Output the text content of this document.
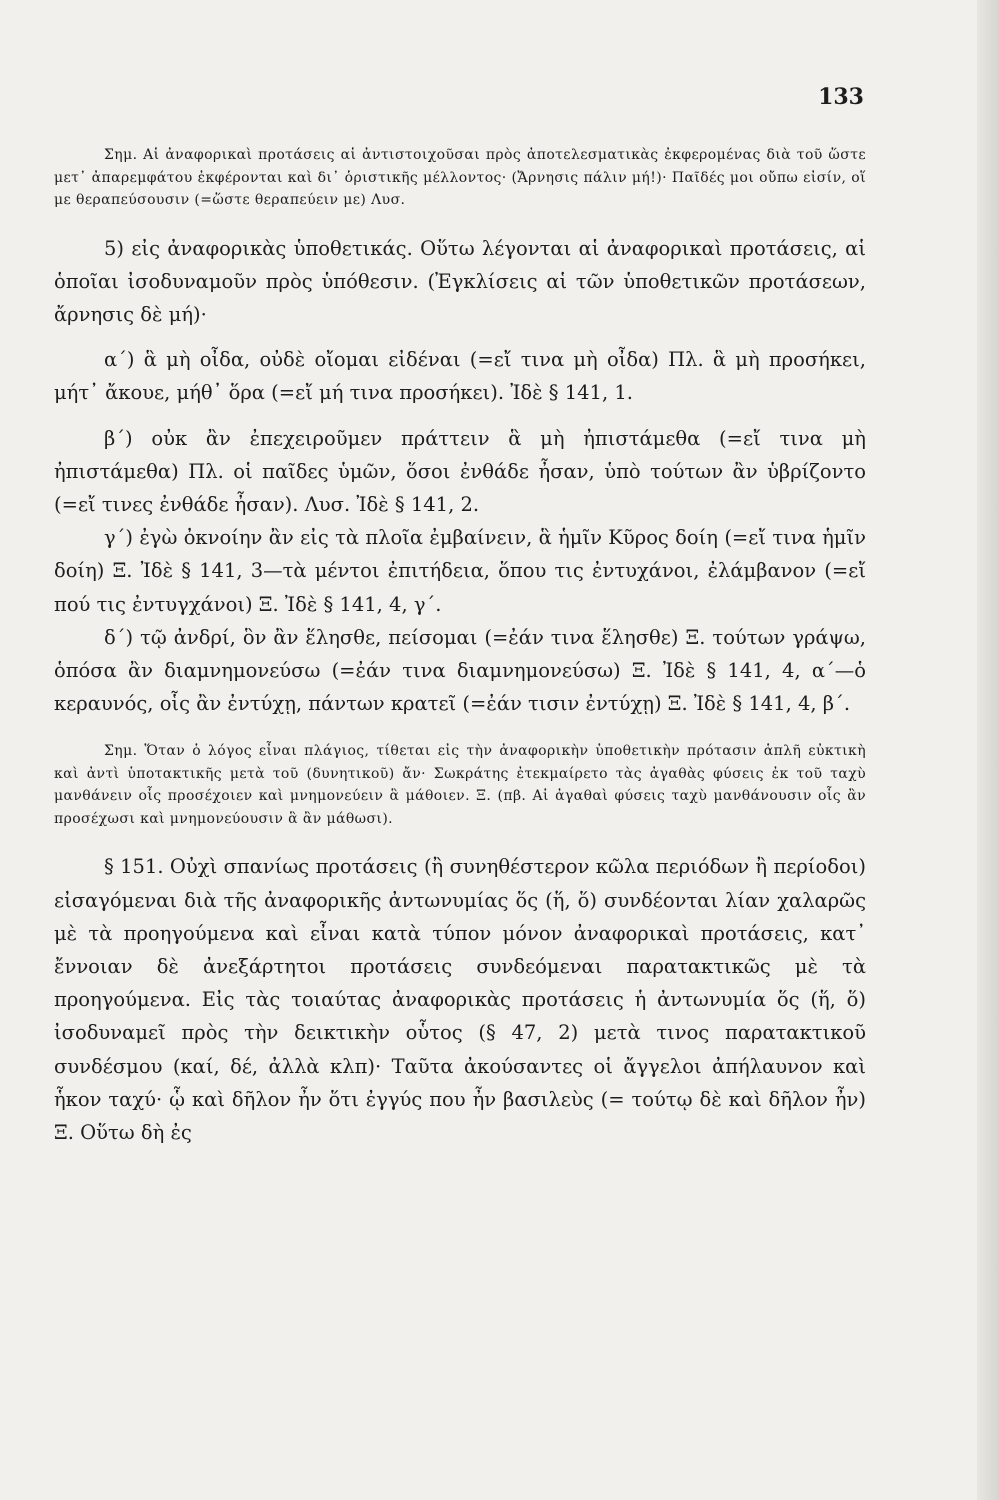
133

Σημ. Αἱ ἀναφορικαὶ προτάσεις αἱ ἀντιστοιχοῦσαι πρὸς ἀποτελεσματικὰς ἐκφερομένας διὰ τοῦ ὥστε μετ᾽ ἀπαρεμφάτου ἐκφέρονται καὶ δι᾽ ὁριστικῆς μέλλοντος· (Ἄρνησις πάλιν μή!)· Παῖδές μοι οὔπω εἰσίν, οἵ με θεραπεύσουσιν (=ὥστε θεραπεύειν με) Λυσ.

5) εἰς ἀναφορικὰς ὑποθετικάς. Οὕτω λέγονται αἱ ἀναφορικαὶ προτάσεις, αἱ ὁποῖαι ἰσοδυναμοῦν πρὸς ὑπόθεσιν. (Ἐγκλίσεις αἱ τῶν ὑποθετικῶν προτάσεων, ἄρνησις δὲ μή)·

α΄) ἃ μὴ οἶδα, οὐδὲ οἴομαι εἰδέναι (=εἴ τινα μὴ οἶδα) Πλ. ἃ μὴ προσήκει, μήτ᾽ ἄκουε, μήθ᾽ ὅρα (=εἴ μή τινα προσήκει). Ἰδὲ § 141, 1.

β΄) οὐκ ἂν ἐπεχειροῦμεν πράττειν ἃ μὴ ἠπιστάμεθα (=εἴ τινα μὴ ἠπιστάμεθα) Πλ. οἱ παῖδες ὑμῶν, ὅσοι ἐνθάδε ἦσαν, ὑπὸ τούτων ἂν ὑβρίζοντο (=εἴ τινες ἐνθάδε ἦσαν). Λυσ. Ἰδὲ § 141, 2.

γ΄) ἐγὼ ὀκνοίην ἂν εἰς τὰ πλοῖα ἐμβαίνειν, ἃ ἡμῖν Κῦρος δοίη (=εἴ τινα ἡμῖν δοίη) Ξ. Ἰδὲ § 141, 3—τὰ μέντοι ἐπιτήδεια, ὅπου τις ἐντυχάνοι, ἐλάμβανον (=εἴ πού τις ἐντυγχάνοι) Ξ. Ἰδὲ § 141, 4, γ΄.

δ΄) τῷ ἀνδρί, ὃν ἂν ἕλησθε, πείσομαι (=ἐάν τινα ἕλησθε) Ξ. τούτων γράψω, ὁπόσα ἂν διαμνημονεύσω (=ἐάν τινα διαμνημονεύσω) Ξ. Ἰδὲ § 141, 4, α΄—ὁ κεραυνός, οἷς ἂν ἐντύχῃ, πάντων κρατεῖ (=ἐάν τισιν ἐντύχῃ) Ξ. Ἰδὲ § 141, 4, β΄.

Σημ. Ὅταν ὁ λόγος εἶναι πλάγιος, τίθεται εἰς τὴν ἀναφορικὴν ὑποθετικὴν πρότασιν ἁπλῆ εὐκτικὴ καὶ ἀντὶ ὑποτακτικῆς μετὰ τοῦ (δυνητικοῦ) ἄν· Σωκράτης ἐτεκμαίρετο τὰς ἀγαθὰς φύσεις ἐκ τοῦ ταχὺ μανθάνειν οἷς προσέχοιεν καὶ μνημονεύειν ἃ μάθοιεν. Ξ. (πβ. Αἱ ἀγαθαὶ φύσεις ταχὺ μανθάνουσιν οἷς ἂν προσέχωσι καὶ μνημονεύουσιν ἃ ἂν μάθωσι).

§ 151. Οὐχὶ σπανίως προτάσεις (ἢ συνηθέστερον κῶλα περιόδων ἢ περίοδοι) εἰσαγόμεναι διὰ τῆς ἀναφορικῆς ἀντωνυμίας ὅς (ἥ, ὅ) συνδέονται λίαν χαλαρῶς μὲ τὰ προηγούμενα καὶ εἶναι κατὰ τύπον μόνον ἀναφορικαὶ προτάσεις, κατ᾽ ἔννοιαν δὲ ἀνεξάρτητοι προτάσεις συνδεόμεναι παρατακτικῶς μὲ τὰ προηγούμενα. Εἰς τὰς τοιαύτας ἀναφορικὰς προτάσεις ἡ ἀντωνυμία ὅς (ἥ, ὅ) ἰσοδυναμεῖ πρὸς τὴν δεικτικὴν οὗτος (§ 47, 2) μετὰ τινος παρατακτικοῦ συνδέσμου (καί, δέ, ἀλλὰ κλπ)· Ταῦτα ἀκούσαντες οἱ ἄγγελοι ἀπήλαυνον καὶ ἧκον ταχύ· ᾧ καὶ δῆλον ἦν ὅτι ἐγγύς που ἦν βασιλεὺς (= τούτῳ δὲ καὶ δῆλον ἦν) Ξ. Οὕτω δὴ ἐς
